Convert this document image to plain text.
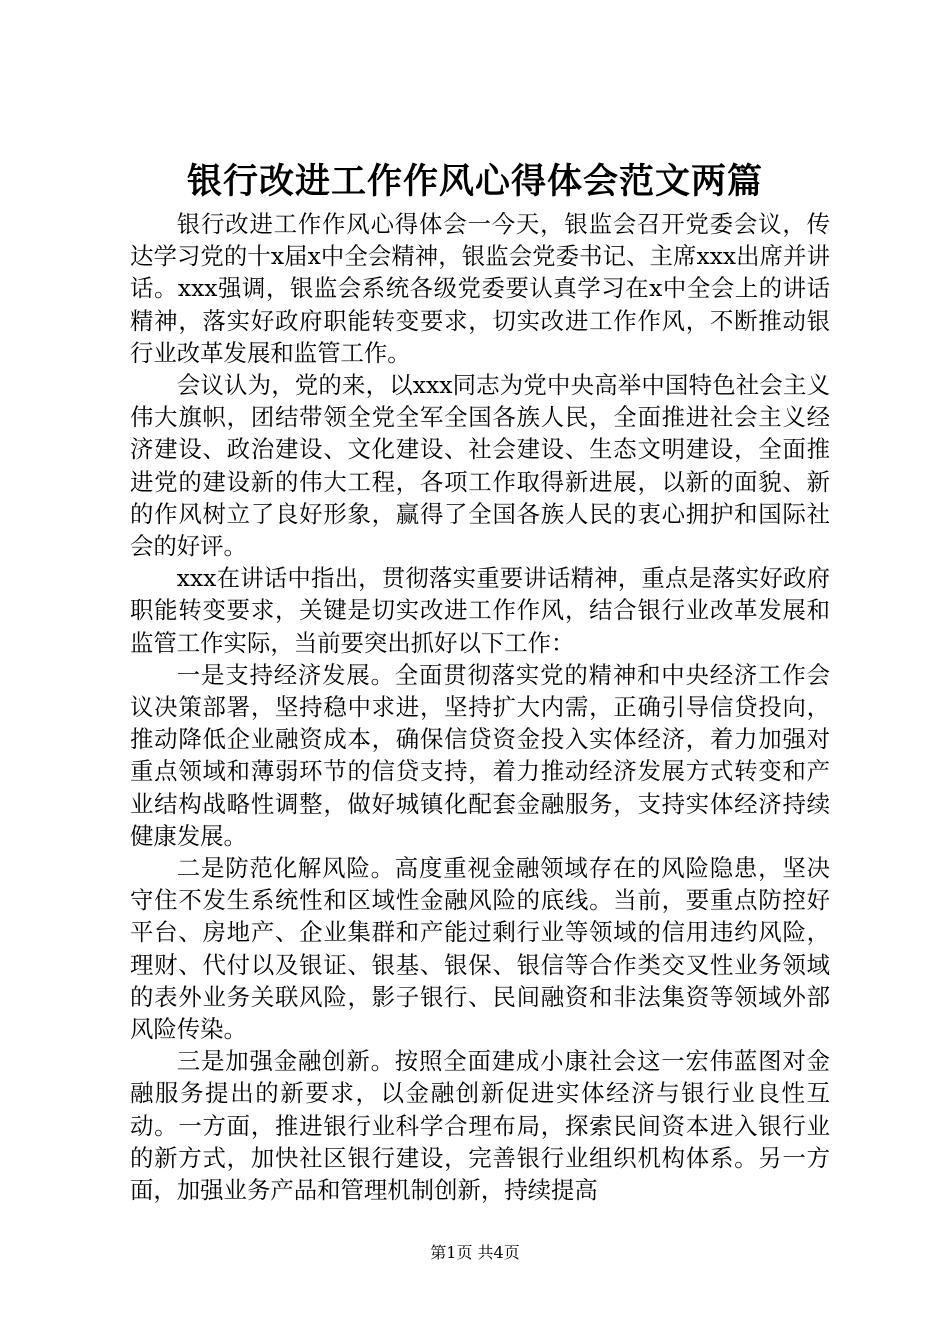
银行改进工作作风心得体会范文两篇

银行改进工作作风心得体会一今天，银监会召开党委会议，传达学习党的十x届x中全会精神，银监会党委书记、主席xxx出席并讲话。xxx强调，银监会系统各级党委要认真学习在x中全会上的讲话精神，落实好政府职能转变要求，切实改进工作作风，不断推动银行业改革发展和监管工作。

会议认为，党的来，以xxx同志为党中央高举中国特色社会主义伟大旗帜，团结带领全党全军全国各族人民，全面推进社会主义经济建设、政治建设、文化建设、社会建设、生态文明建设，全面推进党的建设新的伟大工程，各项工作取得新进展，以新的面貌、新的作风树立了良好形象，赢得了全国各族人民的衷心拥护和国际社会的好评。

xxx在讲话中指出，贯彻落实重要讲话精神，重点是落实好政府职能转变要求，关键是切实改进工作作风，结合银行业改革发展和监管工作实际，当前要突出抓好以下工作：

一是支持经济发展。全面贯彻落实党的精神和中央经济工作会议决策部署，坚持稳中求进，坚持扩大内需，正确引导信贷投向，推动降低企业融资成本，确保信贷资金投入实体经济，着力加强对重点领域和薄弱环节的信贷支持，着力推动经济发展方式转变和产业结构战略性调整，做好城镇化配套金融服务，支持实体经济持续健康发展。

二是防范化解风险。高度重视金融领域存在的风险隐患，坚决守住不发生系统性和区域性金融风险的底线。当前，要重点防控好平台、房地产、企业集群和产能过剩行业等领域的信用违约风险，理财、代付以及银证、银基、银保、银信等合作类交叉性业务领域的表外业务关联风险，影子银行、民间融资和非法集资等领域外部风险传染。

三是加强金融创新。按照全面建成小康社会这一宏伟蓝图对金融服务提出的新要求，以金融创新促进实体经济与银行业良性互动。一方面，推进银行业科学合理布局，探索民间资本进入银行业的新方式，加快社区银行建设，完善银行业组织机构体系。另一方面，加强业务产品和管理机制创新，持续提高

第1页 共4页
